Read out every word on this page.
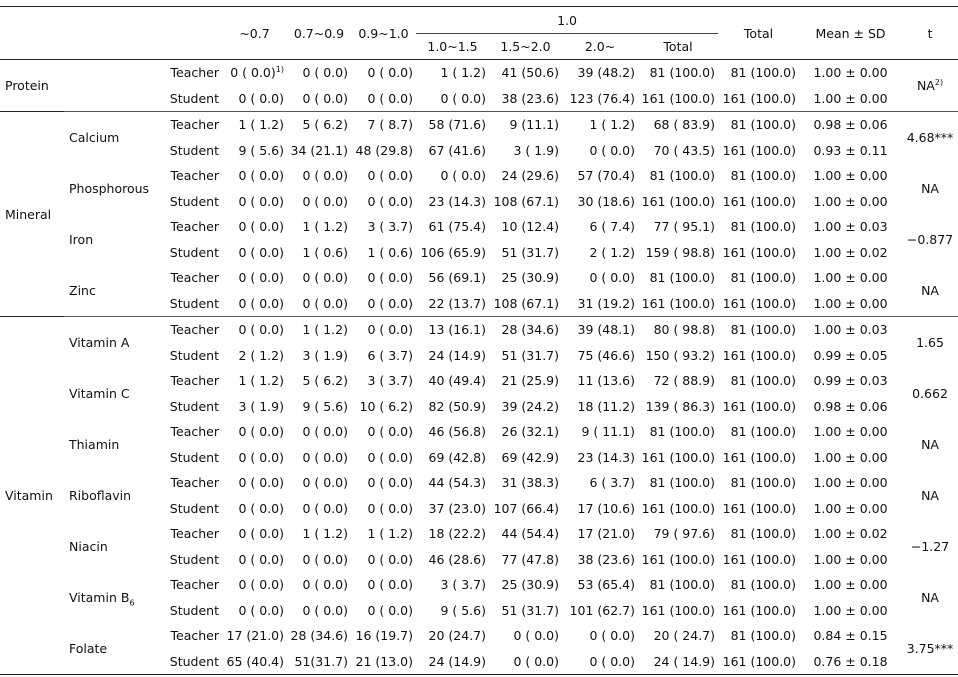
			~0.7	0.7~0.9	0.9~1.0	1.0				Total	Mean ± SD	t
						1.0~1.5	1.5~2.0	2.0~	Total			
Protein		Teacher	0 ( 0.0)$^{1)}$	0 ( 0.0)	0 ( 0.0)	1 ( 1.2)	41 (50.6)	39 (48.2)	81 (100.0)	81 (100.0)	1.00 ± 0.00	NA$^{2)}$
		Student	0 ( 0.0)	0 ( 0.0)	0 ( 0.0)	0 ( 0.0)	38 (23.6)	123 (76.4)	161 (100.0)	161 (100.0)	1.00 ± 0.00	
Mineral	Calcium	Teacher	1 ( 1.2)	5 ( 6.2)	7 ( 8.7)	58 (71.6)	9 (11.1)	1 ( 1.2)	68 ( 83.9)	81 (100.0)	0.98 ± 0.06	4.68***
		Student	9 ( 5.6)	34 (21.1)	48 (29.8)	67 (41.6)	3 ( 1.9)	0 ( 0.0)	70 ( 43.5)	161 (100.0)	0.93 ± 0.11	
	Phosphorous	Teacher	0 ( 0.0)	0 ( 0.0)	0 ( 0.0)	0 ( 0.0)	24 (29.6)	57 (70.4)	81 (100.0)	81 (100.0)	1.00 ± 0.00	NA
		Student	0 ( 0.0)	0 ( 0.0)	0 ( 0.0)	23 (14.3)	108 (67.1)	30 (18.6)	161 (100.0)	161 (100.0)	1.00 ± 0.00	
	Iron	Teacher	0 ( 0.0)	1 ( 1.2)	3 ( 3.7)	61 (75.4)	10 (12.4)	6 ( 7.4)	77 ( 95.1)	81 (100.0)	1.00 ± 0.03	−0.877
		Student	0 ( 0.0)	1 ( 0.6)	1 ( 0.6)	106 (65.9)	51 (31.7)	2 ( 1.2)	159 ( 98.8)	161 (100.0)	1.00 ± 0.02	
	Zinc	Teacher	0 ( 0.0)	0 ( 0.0)	0 ( 0.0)	56 (69.1)	25 (30.9)	0 ( 0.0)	81 (100.0)	81 (100.0)	1.00 ± 0.00	NA
		Student	0 ( 0.0)	0 ( 0.0)	0 ( 0.0)	22 (13.7)	108 (67.1)	31 (19.2)	161 (100.0)	161 (100.0)	1.00 ± 0.00	
Vitamin	Vitamin A	Teacher	0 ( 0.0)	1 ( 1.2)	0 ( 0.0)	13 (16.1)	28 (34.6)	39 (48.1)	80 ( 98.8)	81 (100.0)	1.00 ± 0.03	1.65
		Student	2 ( 1.2)	3 ( 1.9)	6 ( 3.7)	24 (14.9)	51 (31.7)	75 (46.6)	150 ( 93.2)	161 (100.0)	0.99 ± 0.05	
	Vitamin C	Teacher	1 ( 1.2)	5 ( 6.2)	3 ( 3.7)	40 (49.4)	21 (25.9)	11 (13.6)	72 ( 88.9)	81 (100.0)	0.99 ± 0.03	0.662
		Student	3 ( 1.9)	9 ( 5.6)	10 ( 6.2)	82 (50.9)	39 (24.2)	18 (11.2)	139 ( 86.3)	161 (100.0)	0.98 ± 0.06	
	Thiamin	Teacher	0 ( 0.0)	0 ( 0.0)	0 ( 0.0)	46 (56.8)	26 (32.1)	9 ( 11.1)	81 (100.0)	81 (100.0)	1.00 ± 0.00	NA
		Student	0 ( 0.0)	0 ( 0.0)	0 ( 0.0)	69 (42.8)	69 (42.9)	23 (14.3)	161 (100.0)	161 (100.0)	1.00 ± 0.00	
	Riboflavin	Teacher	0 ( 0.0)	0 ( 0.0)	0 ( 0.0)	44 (54.3)	31 (38.3)	6 ( 3.7)	81 (100.0)	81 (100.0)	1.00 ± 0.00	NA
		Student	0 ( 0.0)	0 ( 0.0)	0 ( 0.0)	37 (23.0)	107 (66.4)	17 (10.6)	161 (100.0)	161 (100.0)	1.00 ± 0.00	
	Niacin	Teacher	0 ( 0.0)	1 ( 1.2)	1 ( 1.2)	18 (22.2)	44 (54.4)	17 (21.0)	79 ( 97.6)	81 (100.0)	1.00 ± 0.02	−1.27
		Student	0 ( 0.0)	0 ( 0.0)	0 ( 0.0)	46 (28.6)	77 (47.8)	38 (23.6)	161 (100.0)	161 (100.0)	1.00 ± 0.00	
	Vitamin $B_6$	Teacher	0 ( 0.0)	0 ( 0.0)	0 ( 0.0)	3 ( 3.7)	25 (30.9)	53 (65.4)	81 (100.0)	81 (100.0)	1.00 ± 0.00	NA
		Student	0 ( 0.0)	0 ( 0.0)	0 ( 0.0)	9 ( 5.6)	51 (31.7)	101 (62.7)	161 (100.0)	161 (100.0)	1.00 ± 0.00	
	Folate	Teacher	17 (21.0)	28 (34.6)	16 (19.7)	20 (24.7)	0 ( 0.0)	0 ( 0.0)	20 ( 24.7)	81 (100.0)	0.84 ± 0.15	3.75***
		Student	65 (40.4)	51(31.7)	21 (13.0)	24 (14.9)	0 ( 0.0)	0 ( 0.0)	24 ( 14.9)	161 (100.0)	0.76 ± 0.18	
